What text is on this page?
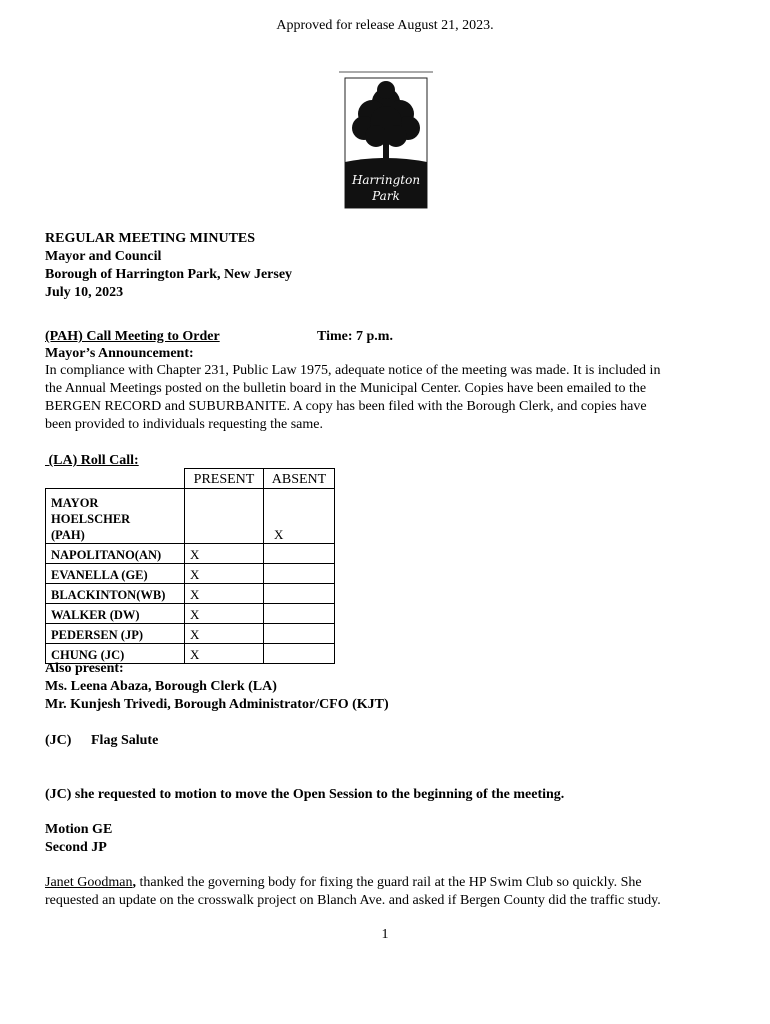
Approved for release August 21, 2023.
Harrington
Park
REGULAR MEETING MINUTES
Mayor and Council
Borough of Harrington Park, New Jersey
July 10, 2023
(PAH) Call Meeting to Order	Time: 7 p.m.
Mayor’s Announcement:
In compliance with Chapter 231, Public Law 1975, adequate notice of the meeting was made. It is included in
the Annual Meetings posted on the bulletin board in the Municipal Center. Copies have been emailed to the
BERGEN RECORD and SUBURBANITE. A copy has been filed with the Borough Clerk, and copies have
been provided to individuals requesting the same.
(LA) Roll Call:
	PRESENT	ABSENT

MAYOR
HOELSCHER
(PAH)		X
NAPOLITANO(AN)	X	
EVANELLA (GE)	X	
BLACKINTON(WB)	X	
WALKER (DW)	X	
PEDERSEN (JP)	X	
CHUNG (JC)	X	
Also present:
Ms. Leena Abaza, Borough Clerk (LA)
Mr. Kunjesh Trivedi, Borough Administrator/CFO (KJT)
(JC) Flag Salute
(JC) she requested to motion to move the Open Session to the beginning of the meeting.
Motion GE
Second JP
Janet Goodman, thanked the governing body for fixing the guard rail at the HP Swim Club so quickly. She
requested an update on the crosswalk project on Blanch Ave. and asked if Bergen County did the traffic study.
1
